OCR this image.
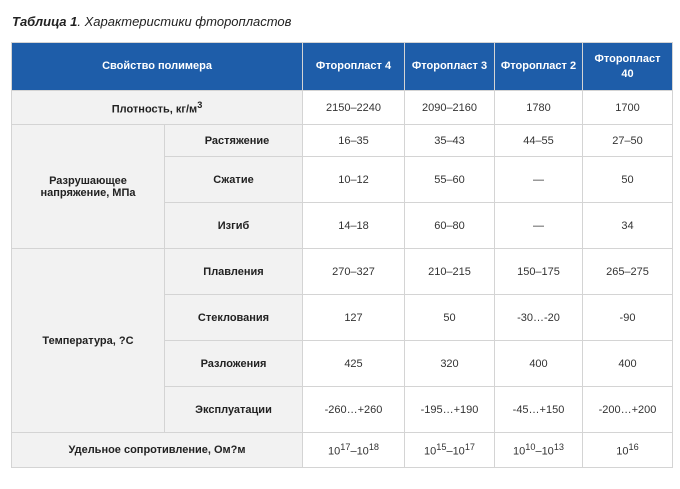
Таблица 1. Характеристики фторопластов
Свойство полимера		Фторопласт 4	Фторопласт 3	Фторопласт 2	Фторопласт 40
Плотность, $кг/м^3$		2150–2240	2090–2160	1780	1700
Разрушающее напряжение, МПа	Растяжение	16–35	35–43	44–55	27–50
	Сжатие	10–12	55–60	—	50
	Изгиб	14–18	60–80	—	34
Температура, ?С	Плавления	270–327	210–215	150–175	265–275
	Стеклования	127	50	-30…-20	-90
	Разложения	425	320	400	400
	Эксплуатации	-260…+260	-195…+190	-45…+150	-200…+200
Удельное сопротивление, Ом?м		$10^{17}-10^{18}$	$10^{15}-10^{17}$	$10^{10}-10^{13}$	$10^{16}$
